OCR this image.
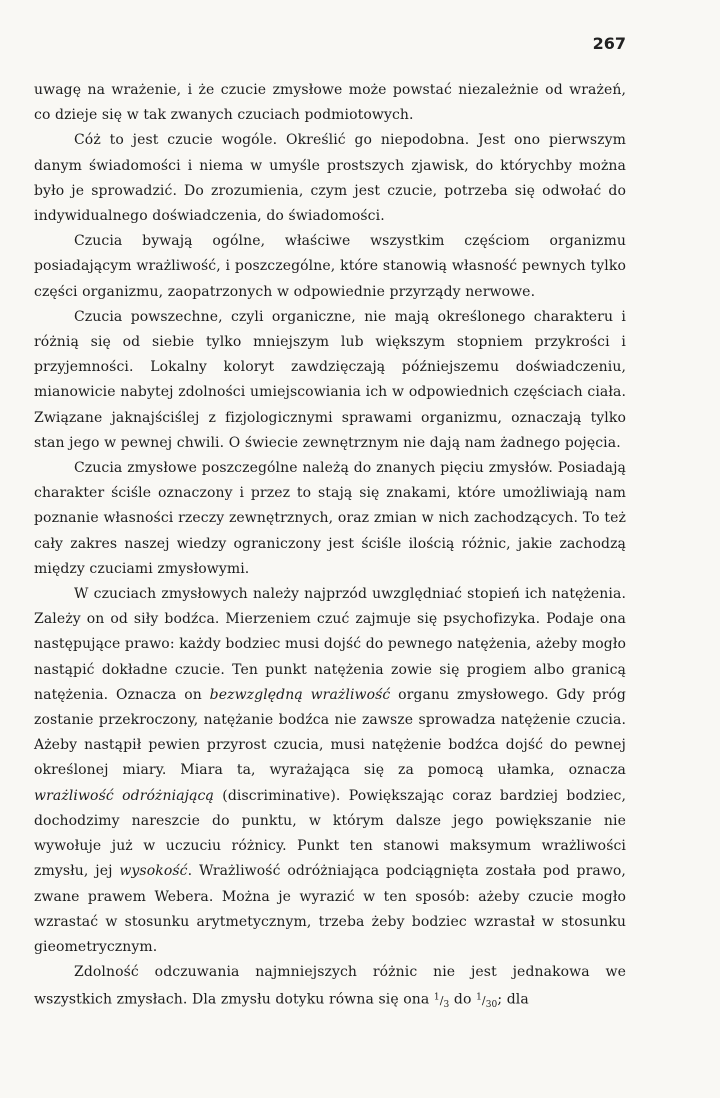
267

uwagę na wrażenie, i że czucie zmysłowe może powstać niezależnie od wrażeń, co dzieje się w tak zwanych czuciach podmiotowych.

Cóż to jest czucie wogóle. Określić go niepodobna. Jest ono pierwszym danym świadomości i niema w umyśle prostszych zjawisk, do którychby można było je sprowadzić. Do zrozumienia, czym jest czucie, potrzeba się odwołać do indywidualnego doświadczenia, do świadomości.

Czucia bywają ogólne, właściwe wszystkim częściom organizmu posiadającym wrażliwość, i poszczególne, które stanowią własność pewnych tylko części organizmu, zaopatrzonych w odpowiednie przyrządy nerwowe.

Czucia powszechne, czyli organiczne, nie mają określonego charakteru i różnią się od siebie tylko mniejszym lub większym stopniem przykrości i przyjemności. Lokalny koloryt zawdzięczają późniejszemu doświadczeniu, mianowicie nabytej zdolności umiejscowiania ich w odpowiednich częściach ciała. Związane jaknajściślej z fizjologicznymi sprawami organizmu, oznaczają tylko stan jego w pewnej chwili. O świecie zewnętrznym nie dają nam żadnego pojęcia.

Czucia zmysłowe poszczególne należą do znanych pięciu zmysłów. Posiadają charakter ściśle oznaczony i przez to stają się znakami, które umożliwiają nam poznanie własności rzeczy zewnętrznych, oraz zmian w nich zachodzących. To też cały zakres naszej wiedzy ograniczony jest ściśle ilością różnic, jakie zachodzą między czuciami zmysłowymi.

W czuciach zmysłowych należy najprzód uwzględniać stopień ich natężenia. Zależy on od siły bodźca. Mierzeniem czuć zajmuje się psychofizyka. Podaje ona następujące prawo: każdy bodziec musi dojść do pewnego natężenia, ażeby mogło nastąpić dokładne czucie. Ten punkt natężenia zowie się progiem albo granicą natężenia. Oznacza on bezwzględną wrażliwość organu zmysłowego. Gdy próg zostanie przekroczony, natężanie bodźca nie zawsze sprowadza natężenie czucia. Ażeby nastąpił pewien przyrost czucia, musi natężenie bodźca dojść do pewnej określonej miary. Miara ta, wyrażająca się za pomocą ułamka, oznacza wrażliwość odróżniającą (discriminative). Powiększając coraz bardziej bodziec, dochodzimy nareszcie do punktu, w którym dalsze jego powiększanie nie wywołuje już w uczuciu różnicy. Punkt ten stanowi maksymum wrażliwości zmysłu, jej wysokość. Wrażliwość odróżniająca podciągnięta została pod prawo, zwane prawem Webera. Można je wyrazić w ten sposób: ażeby czucie mogło wzrastać w stosunku arytmetycznym, trzeba żeby bodziec wzrastał w stosunku gieometrycznym.

Zdolność odczuwania najmniejszych różnic nie jest jednakowa we wszystkich zmysłach. Dla zmysłu dotyku równa się ona $^1/_3$ do $^1/_{30}$; dla
